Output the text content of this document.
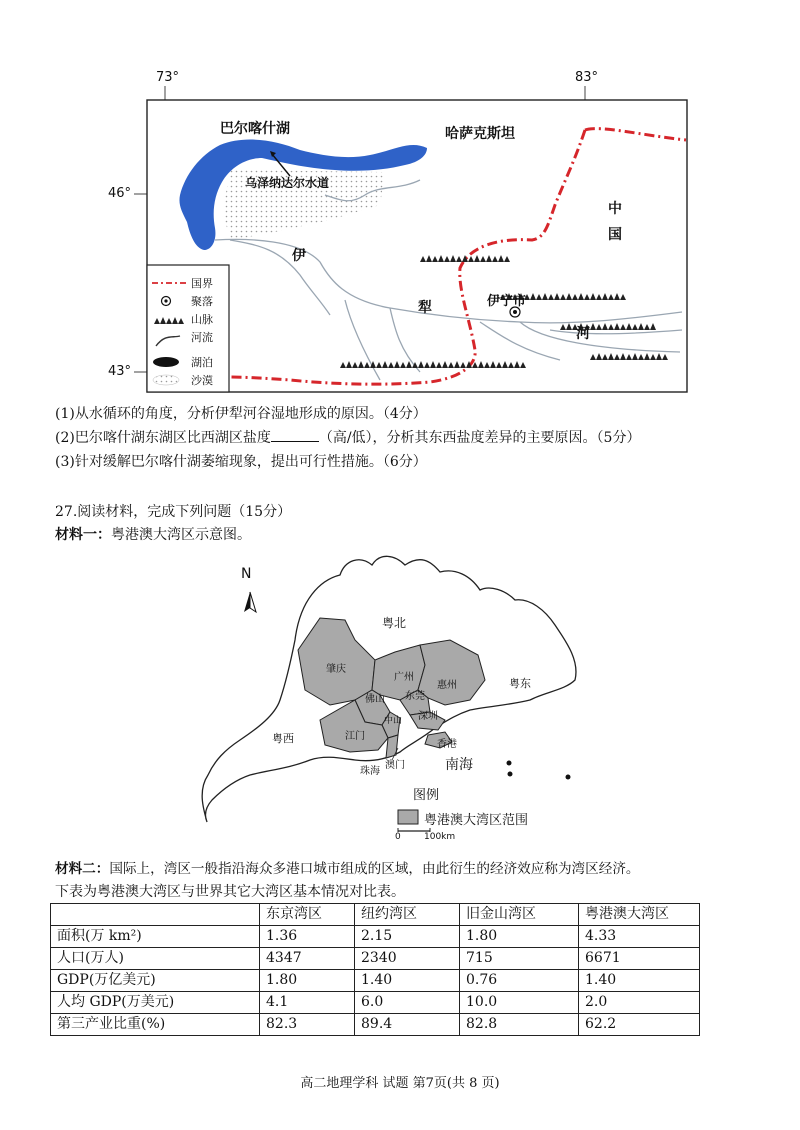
73°	83°
46°
43°
巴尔喀什湖	哈萨克斯坦
乌泽纳达尔水道
中
国
伊
犁
河
伊宁市
国界
聚落
山脉
河流
湖泊
沙漠
(1)从水循环的角度，分析伊犁河谷湿地形成的原因。（4分）
(2)巴尔喀什湖东湖区比西湖区盐度	（高/低），分析其东西盐度差异的主要原因。（5分）
(3)针对缓解巴尔喀什湖萎缩现象，提出可行性措施。（6分）
27.阅读材料，完成下列问题（15分）
材料一：粤港澳大湾区示意图。
N
粤北
粤东
粤西
肇庆
广州
惠州
佛山 东莞
中山 深圳
江门
香港
珠海
澳门	南海
图例
粤港澳大湾区范围
0	100km
材料二：国际上，湾区一般指沿海众多港口城市组成的区域，由此衍生的经济效应称为湾区经济。
下表为粤港澳大湾区与世界其它大湾区基本情况对比表。
	东京湾区	纽约湾区	旧金山湾区	粤港澳大湾区
面积(万 km²)	1.36	2.15	1.80	4.33
人口(万人)	4347	2340	715	6671
GDP(万亿美元)	1.80	1.40	0.76	1.40
人均 GDP(万美元)	4.1	6.0	10.0	2.0
第三产业比重(%)	82.3	89.4	82.8	62.2
高二地理学科 试题 第7页(共 8 页)
